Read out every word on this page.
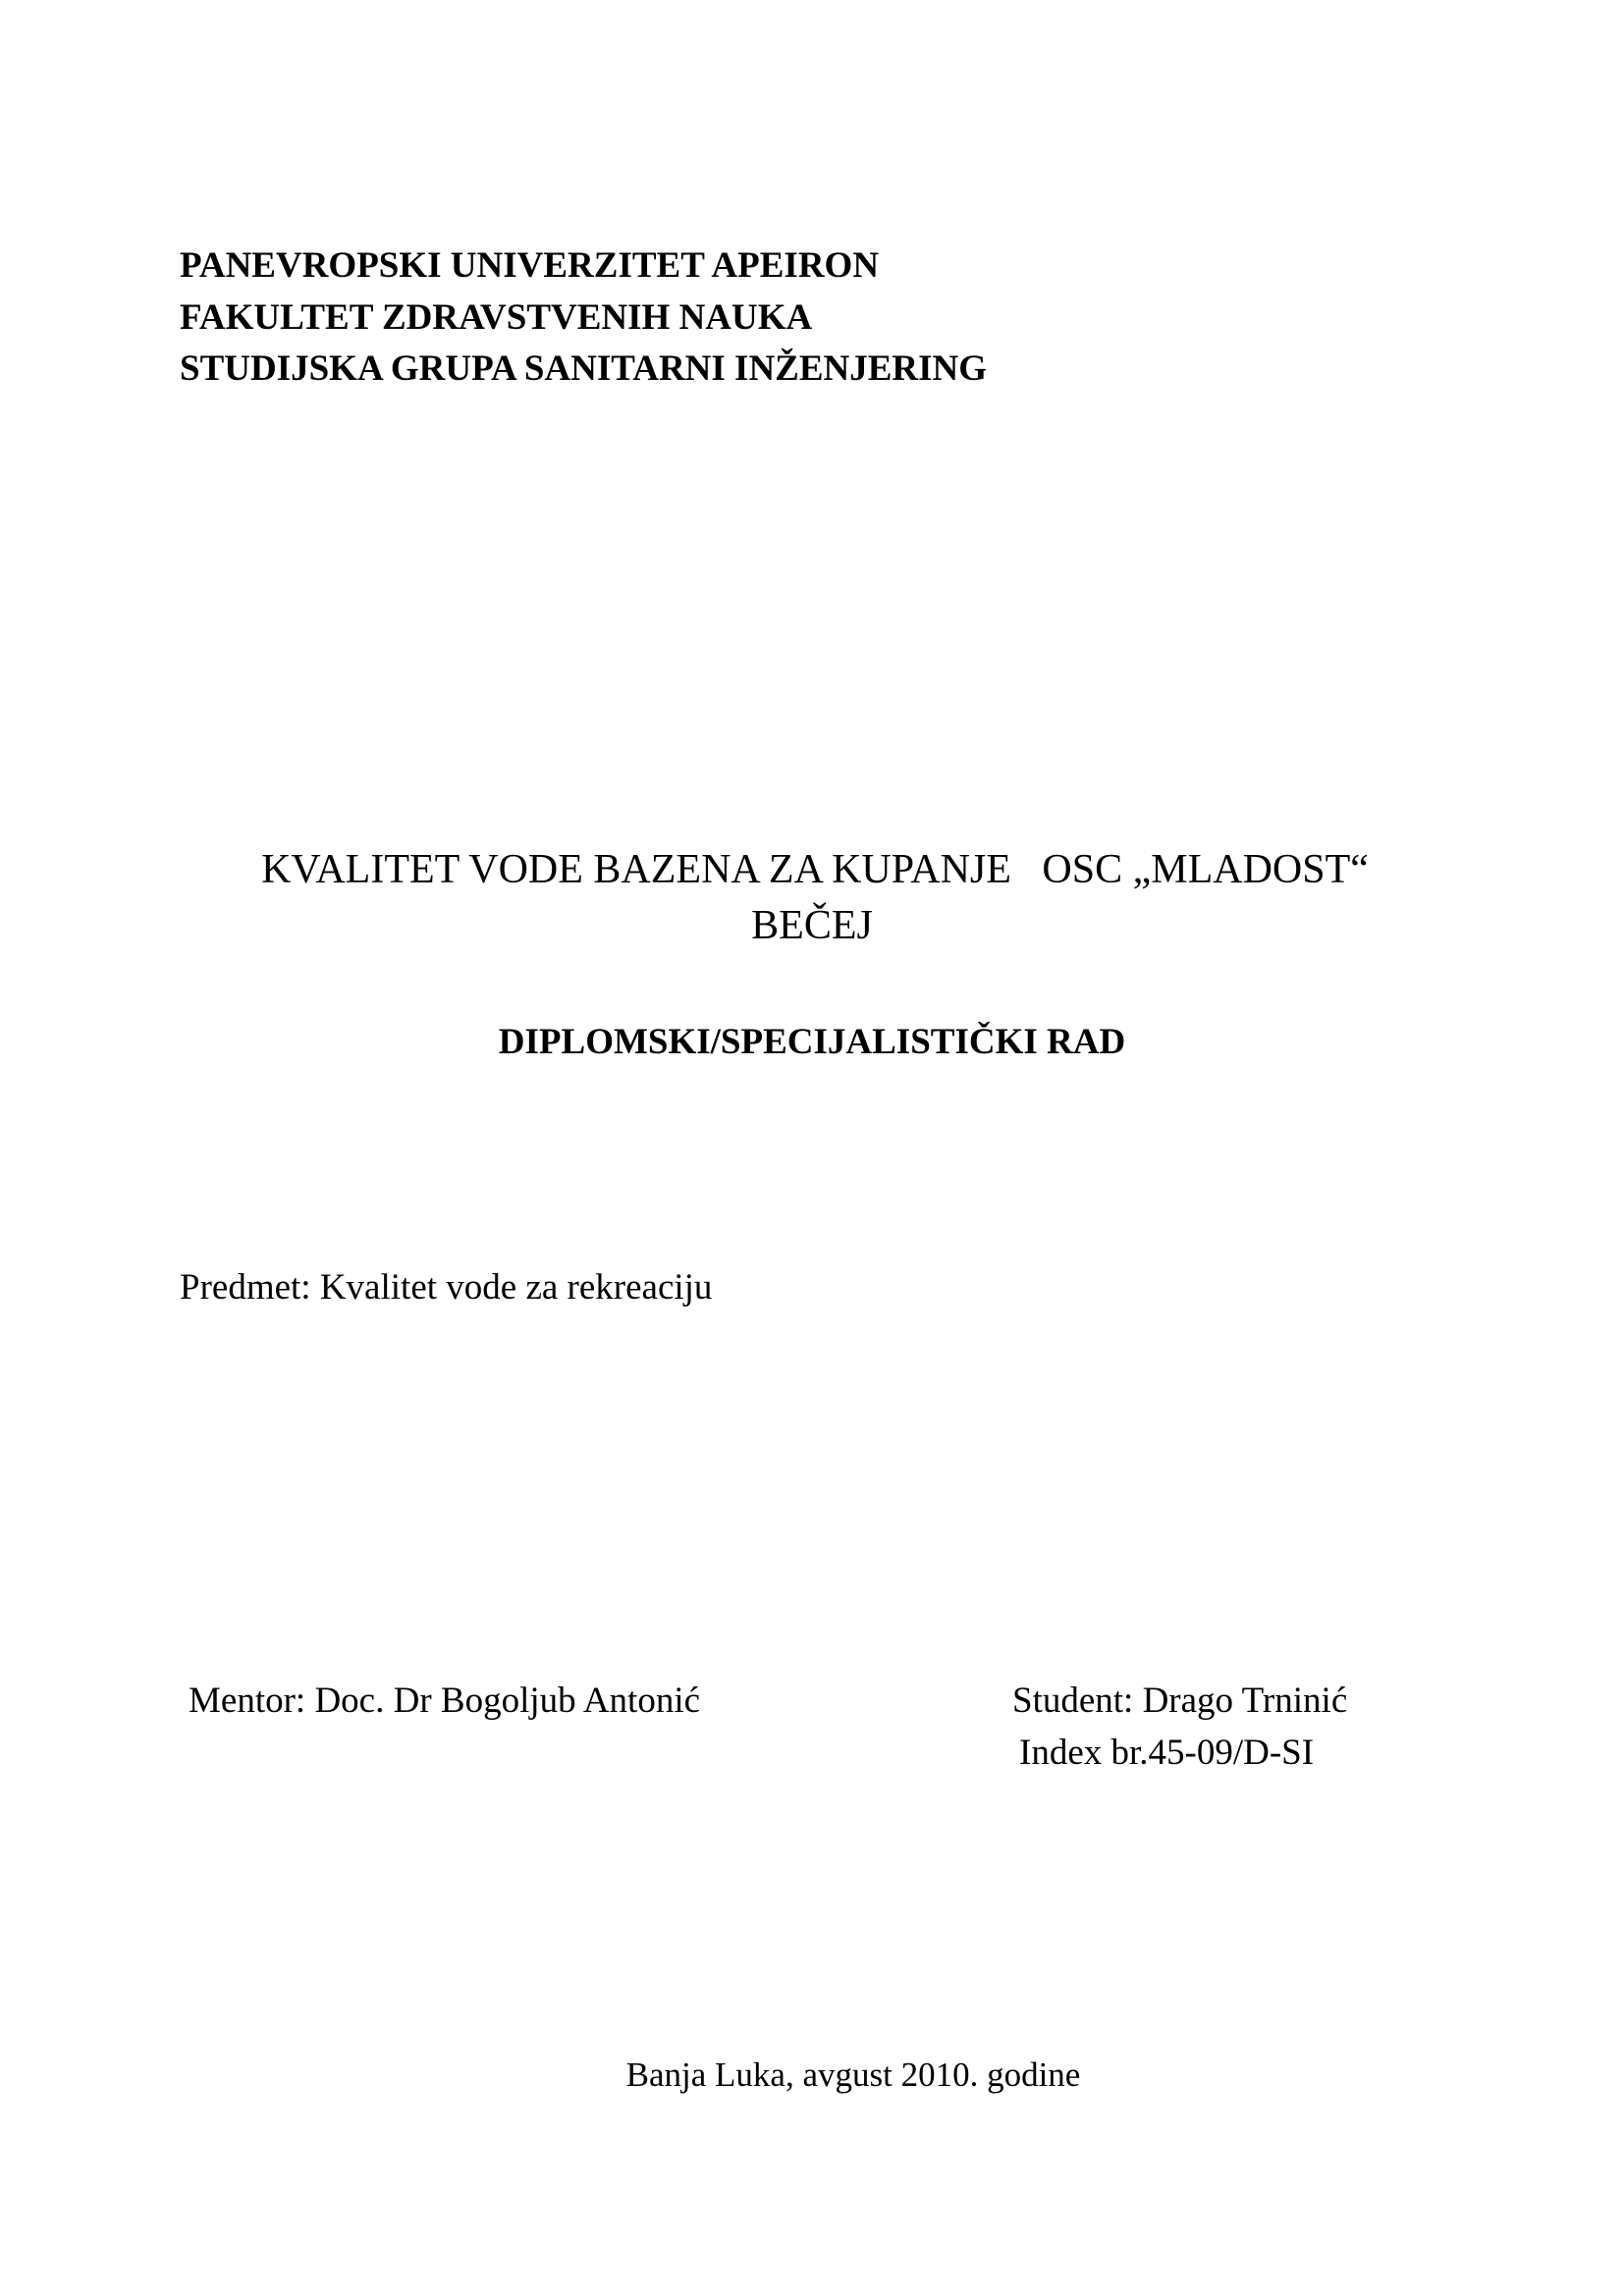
PANEVROPSKI UNIVERZITET APEIRON
FAKULTET ZDRAVSTVENIH NAUKA
STUDIJSKA GRUPA SANITARNI INŽENJERING
KVALITET VODE BAZENA ZA KUPANJE   OSC „MLADOST“
BEČEJ
DIPLOMSKI/SPECIJALISTIČKI RAD
Predmet: Kvalitet vode za rekreaciju
Mentor: Doc. Dr Bogoljub Antonić	Student: Drago Trninić
Index br.45-09/D-SI
Banja Luka, avgust 2010. godine
